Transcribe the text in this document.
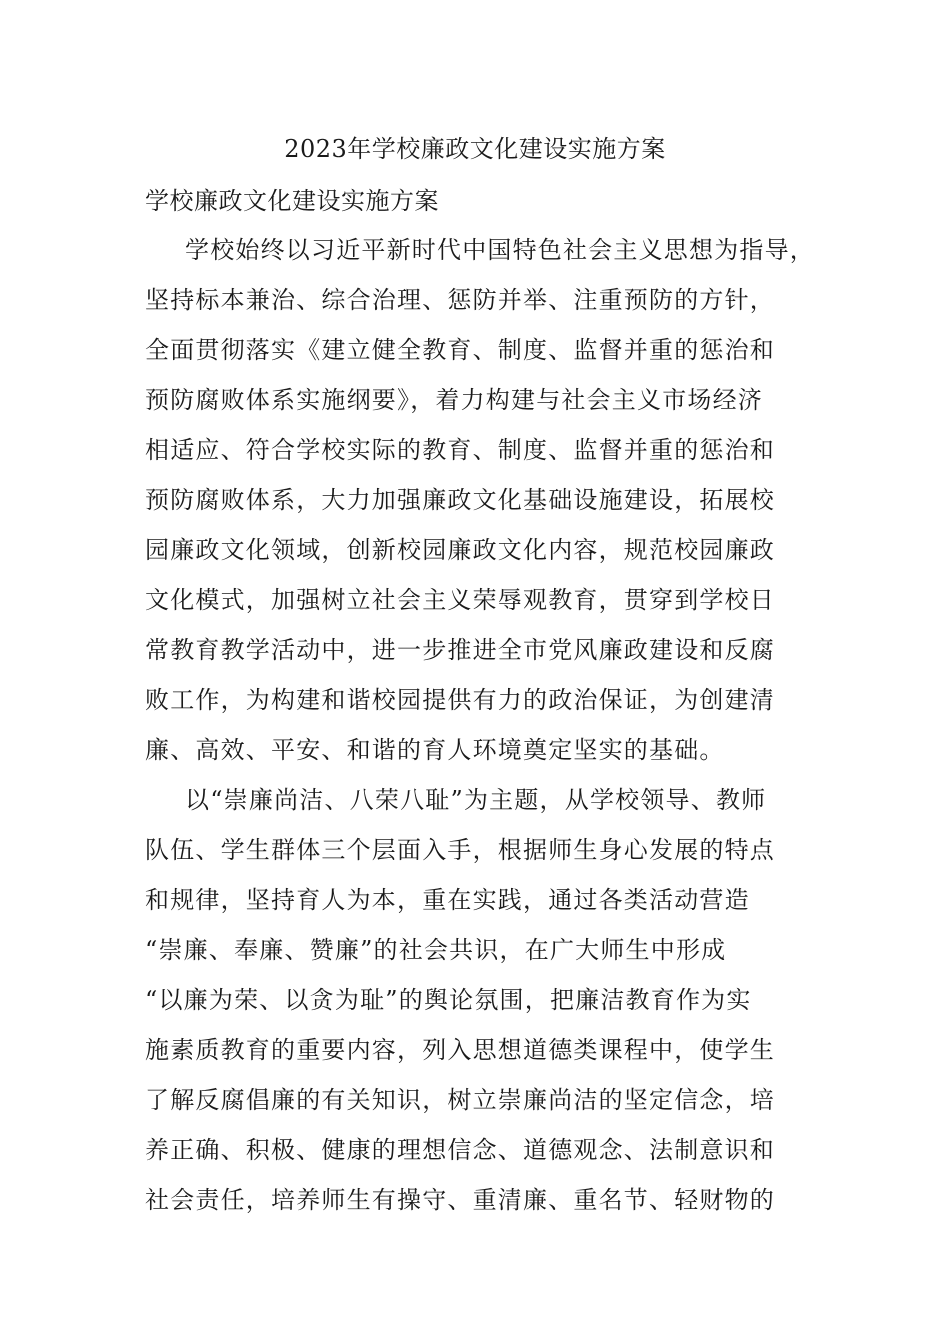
2023年学校廉政文化建设实施方案
学校廉政文化建设实施方案
学校始终以习近平新时代中国特色社会主义思想为指导，
坚持标本兼治、综合治理、惩防并举、注重预防的方针，
全面贯彻落实《建立健全教育、制度、监督并重的惩治和
预防腐败体系实施纲要》，着力构建与社会主义市场经济
相适应、符合学校实际的教育、制度、监督并重的惩治和
预防腐败体系，大力加强廉政文化基础设施建设，拓展校
园廉政文化领域，创新校园廉政文化内容，规范校园廉政
文化模式，加强树立社会主义荣辱观教育，贯穿到学校日
常教育教学活动中，进一步推进全市党风廉政建设和反腐
败工作，为构建和谐校园提供有力的政治保证，为创建清
廉、高效、平安、和谐的育人环境奠定坚实的基础。
以“崇廉尚洁、八荣八耻”为主题，从学校领导、教师
队伍、学生群体三个层面入手，根据师生身心发展的特点
和规律，坚持育人为本，重在实践，通过各类活动营造
“崇廉、奉廉、赞廉”的社会共识，在广大师生中形成
“以廉为荣、以贪为耻”的舆论氛围，把廉洁教育作为实
施素质教育的重要内容，列入思想道德类课程中，使学生
了解反腐倡廉的有关知识，树立崇廉尚洁的坚定信念，培
养正确、积极、健康的理想信念、道德观念、法制意识和
社会责任，培养师生有操守、重清廉、重名节、轻财物的
